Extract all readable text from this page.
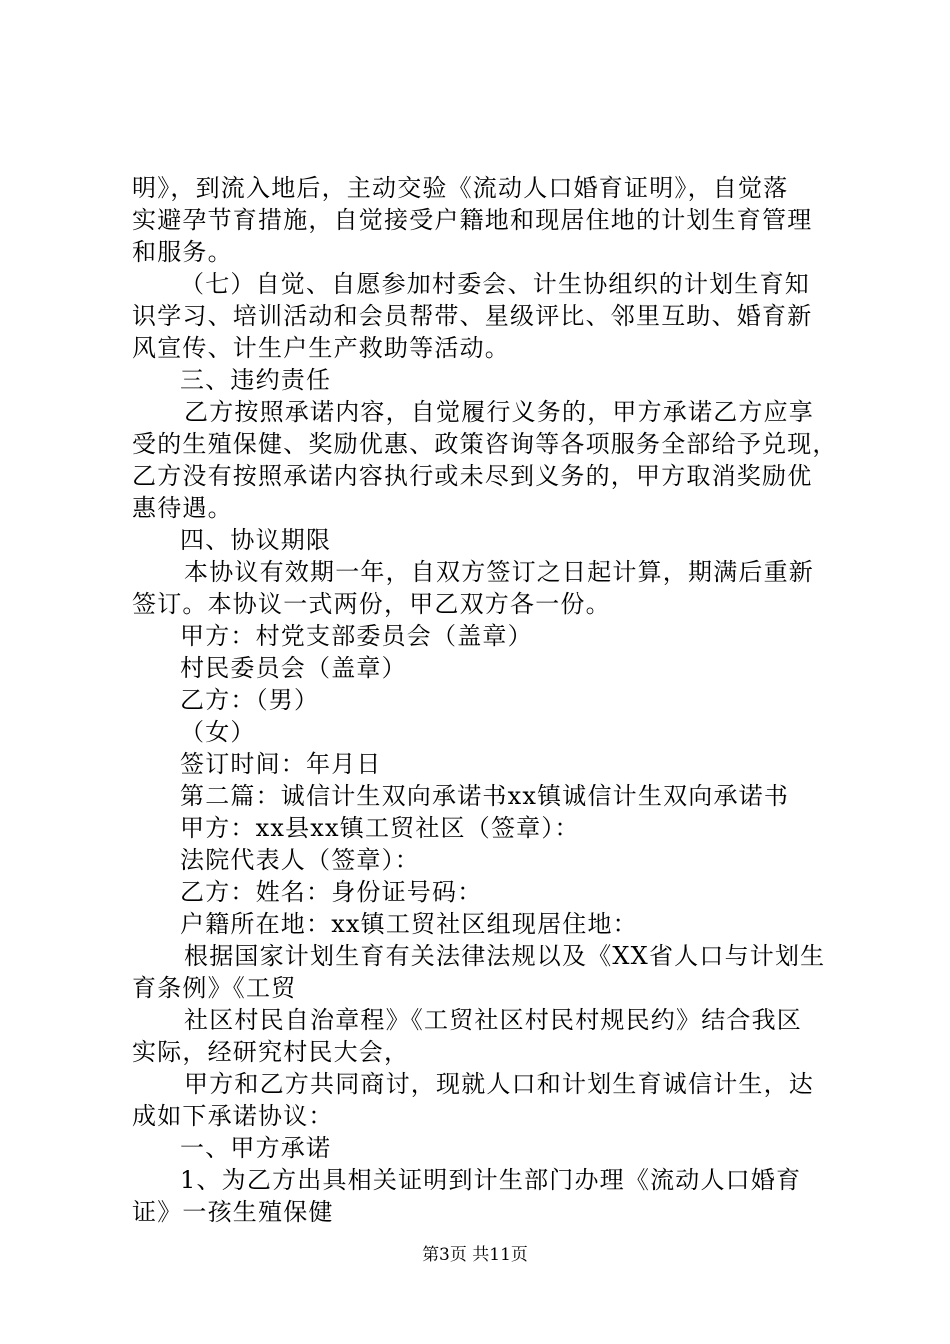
明》，到流入地后，主动交验《流动人口婚育证明》，自觉落
实避孕节育措施，自觉接受户籍地和现居住地的计划生育管理
和服务。
（七）自觉、自愿参加村委会、计生协组织的计划生育知
识学习、培训活动和会员帮带、星级评比、邻里互助、婚育新
风宣传、计生户生产救助等活动。
三、违约责任
乙方按照承诺内容，自觉履行义务的，甲方承诺乙方应享
受的生殖保健、奖励优惠、政策咨询等各项服务全部给予兑现，
乙方没有按照承诺内容执行或未尽到义务的，甲方取消奖励优
惠待遇。
四、协议期限
本协议有效期一年，自双方签订之日起计算，期满后重新
签订。本协议一式两份，甲乙双方各一份。
甲方：村党支部委员会（盖章）
村民委员会（盖章）
乙方：（男）
（女）
签订时间：年月日
第二篇：诚信计生双向承诺书xx镇诚信计生双向承诺书
甲方：xx县xx镇工贸社区（签章）：
法院代表人（签章）：
乙方：姓名：身份证号码：
户籍所在地：xx镇工贸社区组现居住地：
根据国家计划生育有关法律法规以及《XX省人口与计划生
育条例》《工贸
社区村民自治章程》《工贸社区村民村规民约》结合我区
实际，经研究村民大会，
甲方和乙方共同商讨，现就人口和计划生育诚信计生，达
成如下承诺协议：
一、甲方承诺
1、为乙方出具相关证明到计生部门办理《流动人口婚育
证》一孩生殖保健
第3页 共11页
